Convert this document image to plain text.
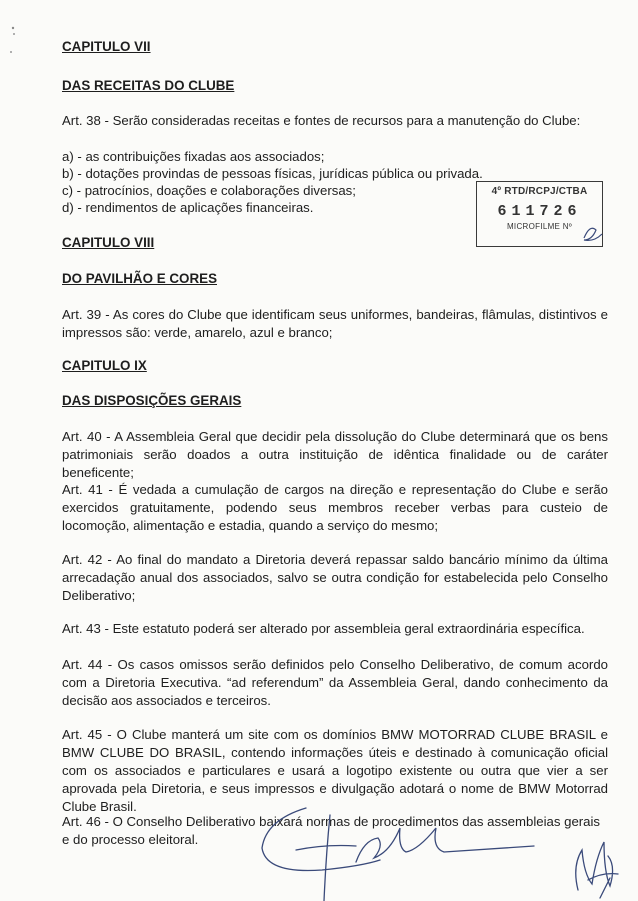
CAPITULO VII

DAS RECEITAS DO CLUBE

Art. 38 - Serão consideradas receitas e fontes de recursos para a manutenção do Clube:

a) - as contribuições fixadas aos associados;

b) - dotações provindas de pessoas físicas, jurídicas pública ou privada.

c) - patrocínios, doações e colaborações diversas;

d) - rendimentos de aplicações financeiras.

4º RTD/RCPJ/CTBA
611726
MICROFILME Nº

CAPITULO VIII

DO PAVILHÃO E CORES

Art. 39 - As cores do Clube que identificam seus uniformes, bandeiras, flâmulas, distintivos e impressos são: verde, amarelo, azul e branco;

CAPITULO IX

DAS DISPOSIÇÕES GERAIS

Art. 40 - A Assembleia Geral que decidir pela dissolução do Clube determinará que os bens patrimoniais serão doados a outra instituição de idêntica finalidade ou de caráter beneficente;

Art. 41 - É vedada a cumulação de cargos na direção e representação do Clube e serão exercidos gratuitamente, podendo seus membros receber verbas para custeio de locomoção, alimentação e estadia, quando a serviço do mesmo;

Art. 42 - Ao final do mandato a Diretoria deverá repassar saldo bancário mínimo da última arrecadação anual dos associados, salvo se outra condição for estabelecida pelo Conselho Deliberativo;

Art. 43 - Este estatuto poderá ser alterado por assembleia geral extraordinária específica.

Art. 44 - Os casos omissos serão definidos pelo Conselho Deliberativo, de comum acordo com a Diretoria Executiva. “ad referendum” da Assembleia Geral, dando conhecimento da decisão aos associados e terceiros.

Art. 45 - O Clube manterá um site com os domínios BMW MOTORRAD CLUBE BRASIL e BMW CLUBE DO BRASIL, contendo informações úteis e destinado à comunicação oficial com os associados e particulares e usará a logotipo existente ou outra que vier a ser aprovada pela Diretoria, e seus impressos e divulgação adotará o nome de BMW Motorrad Clube Brasil.

Art. 46 - O Conselho Deliberativo baixará normas de procedimentos das assembleias gerais e do processo eleitoral.
